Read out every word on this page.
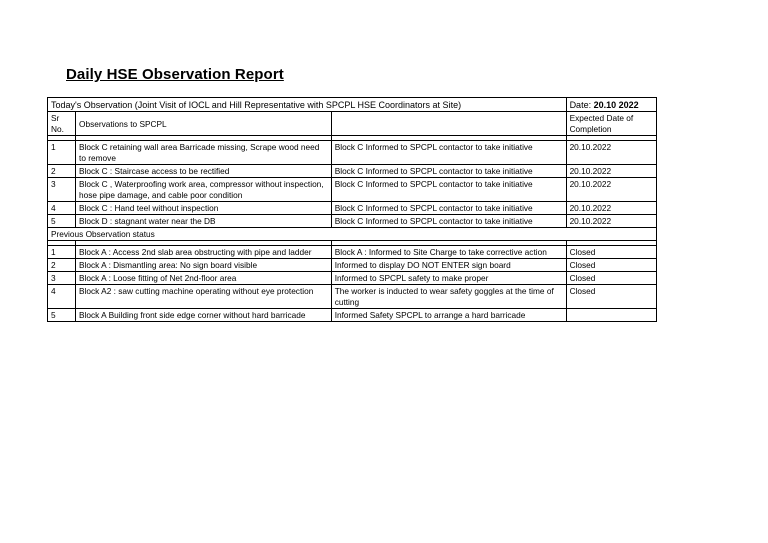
Daily HSE Observation Report
Today's Observation (Joint Visit of IOCL and Hill Representative with SPCPL HSE Coordinators at Site)			Date: 20.10 2022
Sr No.	Observations to SPCPL		Expected Date of Completion

1	Block C retaining wall area Barricade missing, Scrape wood need to remove	Block C Informed to SPCPL contactor to take initiative	20.10.2022
2	Block C : Staircase access to be rectified	Block C Informed to SPCPL contactor to take initiative	20.10.2022
3	Block C , Waterproofing work area, compressor without inspection, hose pipe damage, and cable poor condition	Block C Informed to SPCPL contactor to take initiative	20.10.2022
4	Block C : Hand teel without inspection	Block C Informed to SPCPL contactor to take initiative	20.10.2022
5	Block D : stagnant water near the DB	Block C Informed to SPCPL contactor to take initiative	20.10.2022
Previous Observation status			

1	Block A : Access 2nd slab area obstructing with pipe and ladder	Block A : Informed to Site Charge to take corrective action	Closed
2	Block A : Dismantling area: No sign board visible	Informed to display DO NOT ENTER sign board	Closed
3	Block A : Loose fitting of Net 2nd-floor area	Informed to SPCPL safety to make proper	Closed
4	Block A2 : saw cutting machine operating without eye protection	The worker is inducted to wear safety goggles at the time of cutting	Closed
5	Block A Building front side edge corner without hard barricade	Informed Safety SPCPL to arrange a hard barricade	
